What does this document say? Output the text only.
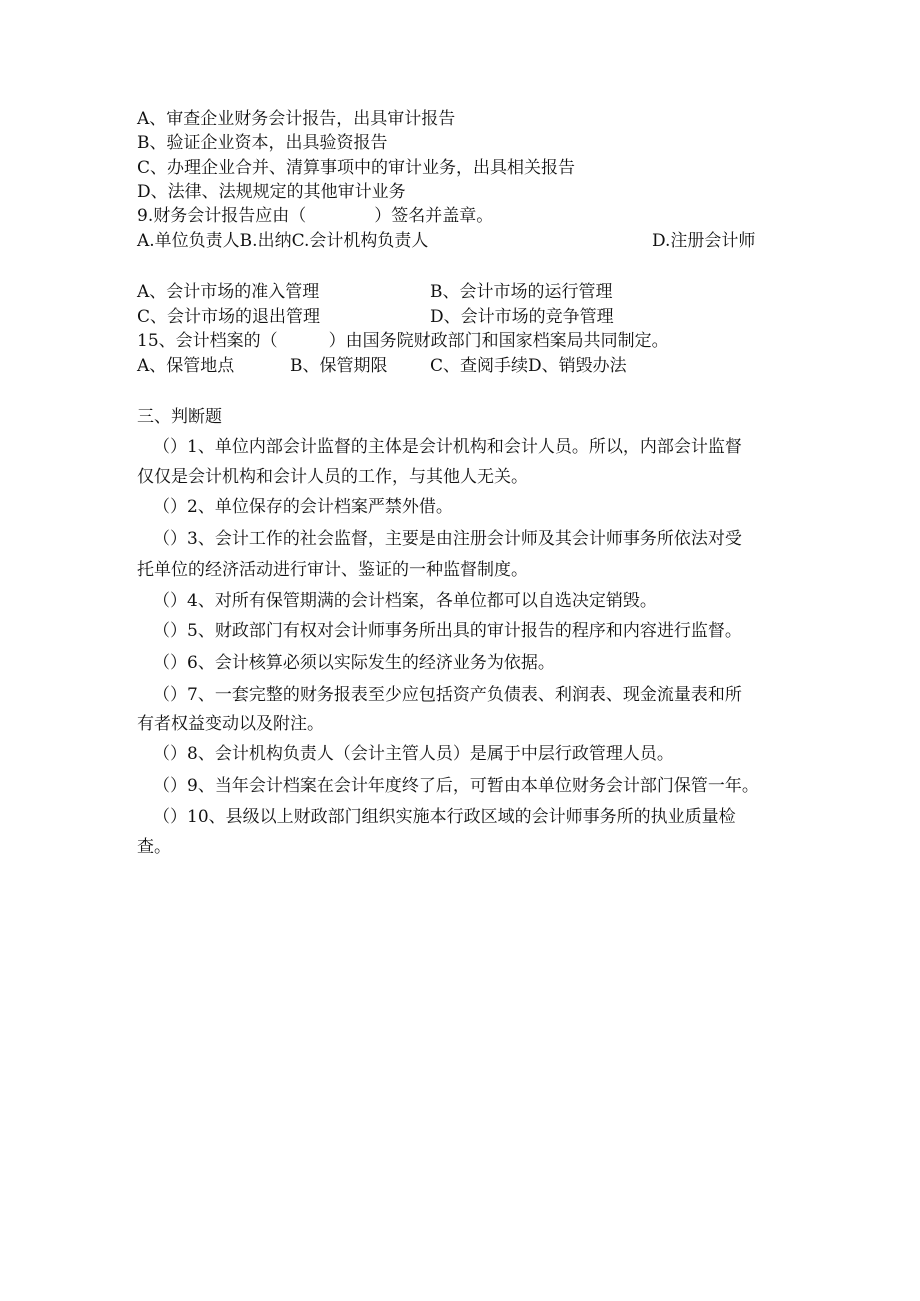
A、审查企业财务会计报告，出具审计报告
B、验证企业资本，出具验资报告
C、办理企业合并、清算事项中的审计业务，出具相关报告
D、法律、法规规定的其他审计业务
9.财务会计报告应由（　　　　）签名并盖章。
A.单位负责人B.出纳C.会计机构负责人	D.注册会计师
A、会计市场的准入管理	B、会计市场的运行管理
C、会计市场的退出管理	D、会计市场的竞争管理
15、会计档案的（　　　）由国务院财政部门和国家档案局共同制定。
A、保管地点	B、保管期限	C、查阅手续D、销毁办法
三、判断题
（）1、单位内部会计监督的主体是会计机构和会计人员。所以，内部会计监督
仅仅是会计机构和会计人员的工作，与其他人无关。
（）2、单位保存的会计档案严禁外借。
（）3、会计工作的社会监督，主要是由注册会计师及其会计师事务所依法对受
托单位的经济活动进行审计、鉴证的一种监督制度。
（）4、对所有保管期满的会计档案，各单位都可以自选决定销毁。
（）5、财政部门有权对会计师事务所出具的审计报告的程序和内容进行监督。
（）6、会计核算必须以实际发生的经济业务为依据。
（）7、一套完整的财务报表至少应包括资产负债表、利润表、现金流量表和所
有者权益变动以及附注。
（）8、会计机构负责人（会计主管人员）是属于中层行政管理人员。
（）9、当年会计档案在会计年度终了后，可暂由本单位财务会计部门保管一年。
（）10、县级以上财政部门组织实施本行政区域的会计师事务所的执业质量检
查。
